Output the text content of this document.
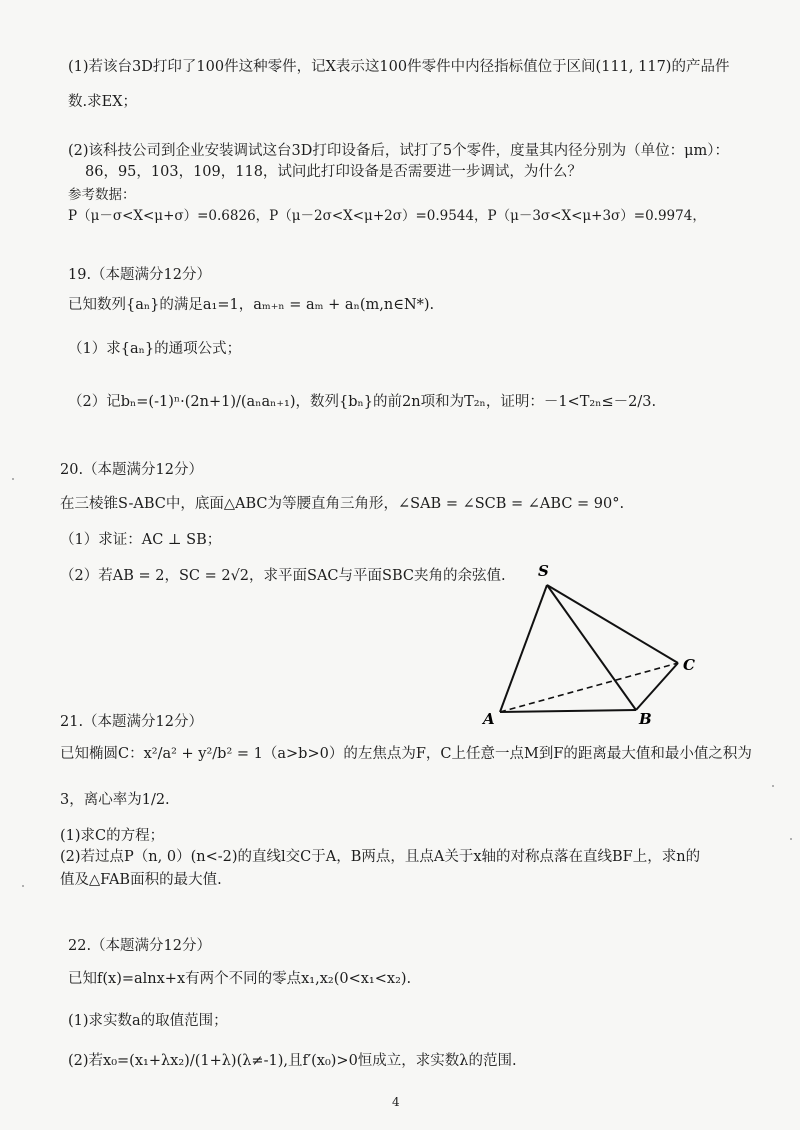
(1)若该台3D打印了100件这种零件，记X表示这100件零件中内径指标值位于区间(111, 117)的产品件
数.求EX；
(2)该科技公司到企业安装调试这台3D打印设备后，试打了5个零件，度量其内径分别为（单位：μm）：
86，95，103，109，118，试问此打印设备是否需要进一步调试，为什么？
参考数据：
P（μ－σ<X<μ+σ）=0.6826，P（μ－2σ<X<μ+2σ）=0.9544，P（μ－3σ<X<μ+3σ）=0.9974，
19.（本题满分12分）
已知数列{aₙ}的满足a₁=1，aₘ₊ₙ = aₘ + aₙ(m,n∈N*).
（1）求{aₙ}的通项公式；
（2）记bₙ=(-1)ⁿ·(2n+1)/(aₙaₙ₊₁)，数列{bₙ}的前2n项和为T₂ₙ，证明：－1<T₂ₙ≤－2/3.
20.（本题满分12分）
在三棱锥S-ABC中，底面△ABC为等腰直角三角形，∠SAB = ∠SCB = ∠ABC = 90°.
（1）求证：AC ⊥ SB；
（2）若AB = 2，SC = 2√2，求平面SAC与平面SBC夹角的余弦值. S
C
A	B
21.（本题满分12分）
已知椭圆C：x²/a² + y²/b² = 1（a>b>0）的左焦点为F，C上任意一点M到F的距离最大值和最小值之积为
3，离心率为1/2.
(1)求C的方程；
(2)若过点P（n, 0）(n<-2)的直线l交C于A，B两点，且点A关于x轴的对称点落在直线BF上，求n的
值及△FAB面积的最大值.
22.（本题满分12分）
已知f(x)=alnx+x有两个不同的零点x₁,x₂(0<x₁<x₂).
(1)求实数a的取值范围；
(2)若x₀=(x₁+λx₂)/(1+λ)(λ≠-1),且f′(x₀)>0恒成立，求实数λ的范围.
4
